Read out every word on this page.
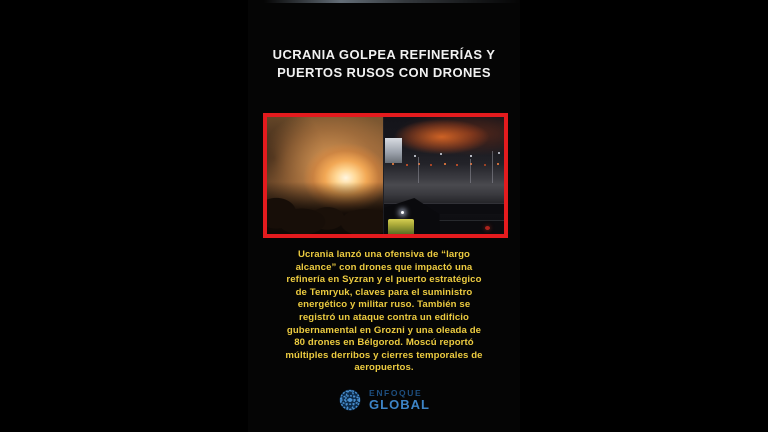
UCRANIA GOLPEA REFINERÍAS Y
PUERTOS RUSOS CON DRONES
Ucrania lanzó una ofensiva de “largo
alcance” con drones que impactó una
refinería en Syzran y el puerto estratégico
de Temryuk, claves para el suministro
energético y militar ruso. También se
registró un ataque contra un edificio
gubernamental en Grozni y una oleada de
80 drones en Bélgorod. Moscú reportó
múltiples derribos y cierres temporales de
aeropuertos.
ENFOQUE
GLOBAL
